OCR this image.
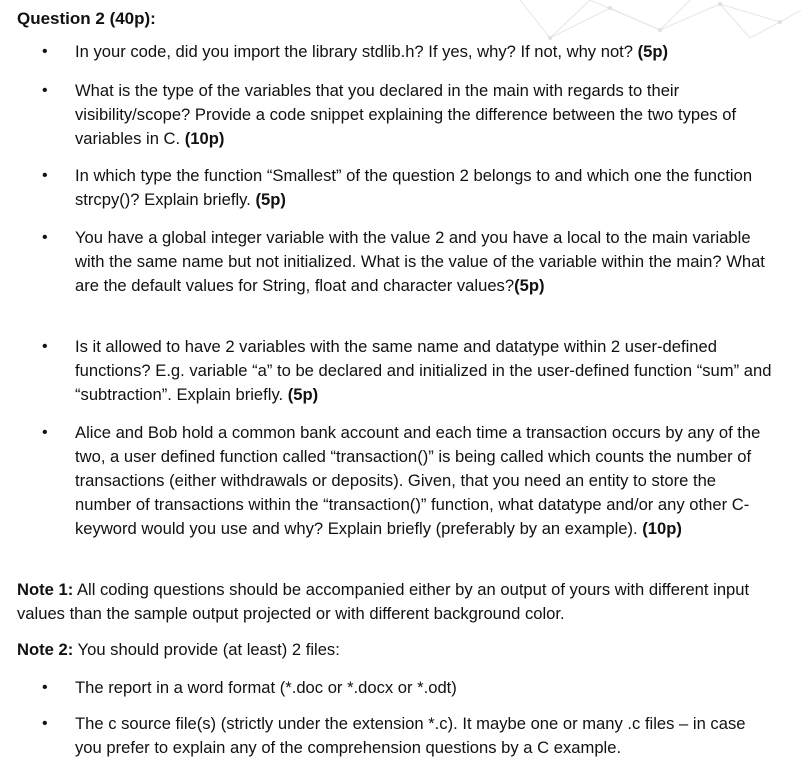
Question 2 (40p):
• In your code, did you import the library stdlib.h? If yes, why? If not, why not? (5p)
• What is the type of the variables that you declared in the main with regards to their visibility/scope? Provide a code snippet explaining the difference between the two types of variables in C. (10p)
• In which type the function “Smallest” of the question 2 belongs to and which one the function strcpy()? Explain briefly. (5p)
• You have a global integer variable with the value 2 and you have a local to the main variable with the same name but not initialized. What is the value of the variable within the main? What are the default values for String, float and character values?(5p)
• Is it allowed to have 2 variables with the same name and datatype within 2 user-defined functions? E.g. variable “a” to be declared and initialized in the user-defined function “sum” and “subtraction”. Explain briefly. (5p)
• Alice and Bob hold a common bank account and each time a transaction occurs by any of the two, a user defined function called “transaction()” is being called which counts the number of transactions (either withdrawals or deposits). Given, that you need an entity to store the number of transactions within the “transaction()” function, what datatype and/or any other C-keyword would you use and why? Explain briefly (preferably by an example). (10p)
Note 1: All coding questions should be accompanied either by an output of yours with different input values than the sample output projected or with different background color.
Note 2: You should provide (at least) 2 files:
• The report in a word format (*.doc or *.docx or *.odt)
• The c source file(s) (strictly under the extension *.c). It maybe one or many .c files – in case you prefer to explain any of the comprehension questions by a C example.
